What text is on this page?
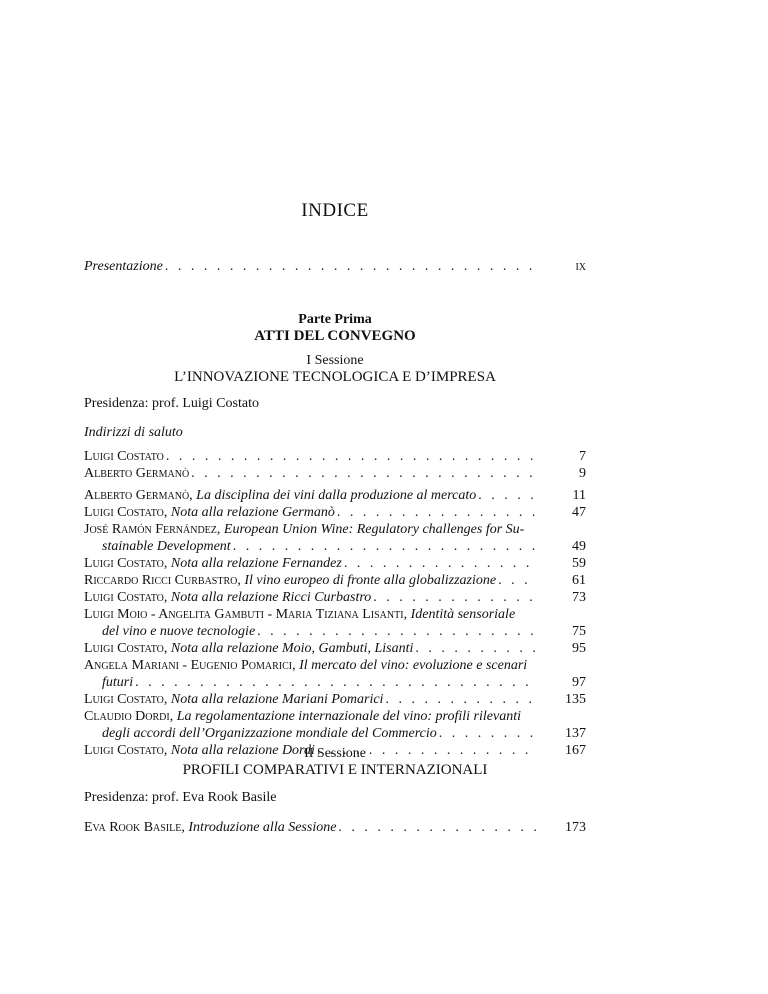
INDICE
Presentazione . . .	ix
Parte Prima
ATTI DEL CONVEGNO
I Sessione
L’INNOVAZIONE TECNOLOGICA E D’IMPRESA
Presidenza: prof. Luigi Costato
Indirizzi di saluto
Luigi Costato . . .	7
Alberto Germanò . . .	9
Alberto Germanò, La disciplina dei vini dalla produzione al mercato . . .	11
Luigi Costato, Nota alla relazione Germanò . . .	47
José Ramón Fernández, European Union Wine: Regulatory challenges for Su-
stainable Development . . .	49
Luigi Costato, Nota alla relazione Fernandez . . .	59
Riccardo Ricci Curbastro, Il vino europeo di fronte alla globalizzazione . . .	61
Luigi Costato, Nota alla relazione Ricci Curbastro . . .	73
Luigi Moio - Angelita Gambuti - Maria Tiziana Lisanti, Identità sensoriale
del vino e nuove tecnologie . . .	75
Luigi Costato, Nota alla relazione Moio, Gambuti, Lisanti . . .	95
Angela Mariani - Eugenio Pomarici, Il mercato del vino: evoluzione e scenari
futuri . . .	97
Luigi Costato, Nota alla relazione Mariani Pomarici . . .	135
Claudio Dordi, La regolamentazione internazionale del vino: profili rilevanti
degli accordi dell’Organizzazione mondiale del Commercio . . .	137
Luigi Costato, Nota alla relazione Dordi . . .	167
II Sessione
PROFILI COMPARATIVI E INTERNAZIONALI
Presidenza: prof. Eva Rook Basile
Eva Rook Basile, Introduzione alla Sessione . . .	173
